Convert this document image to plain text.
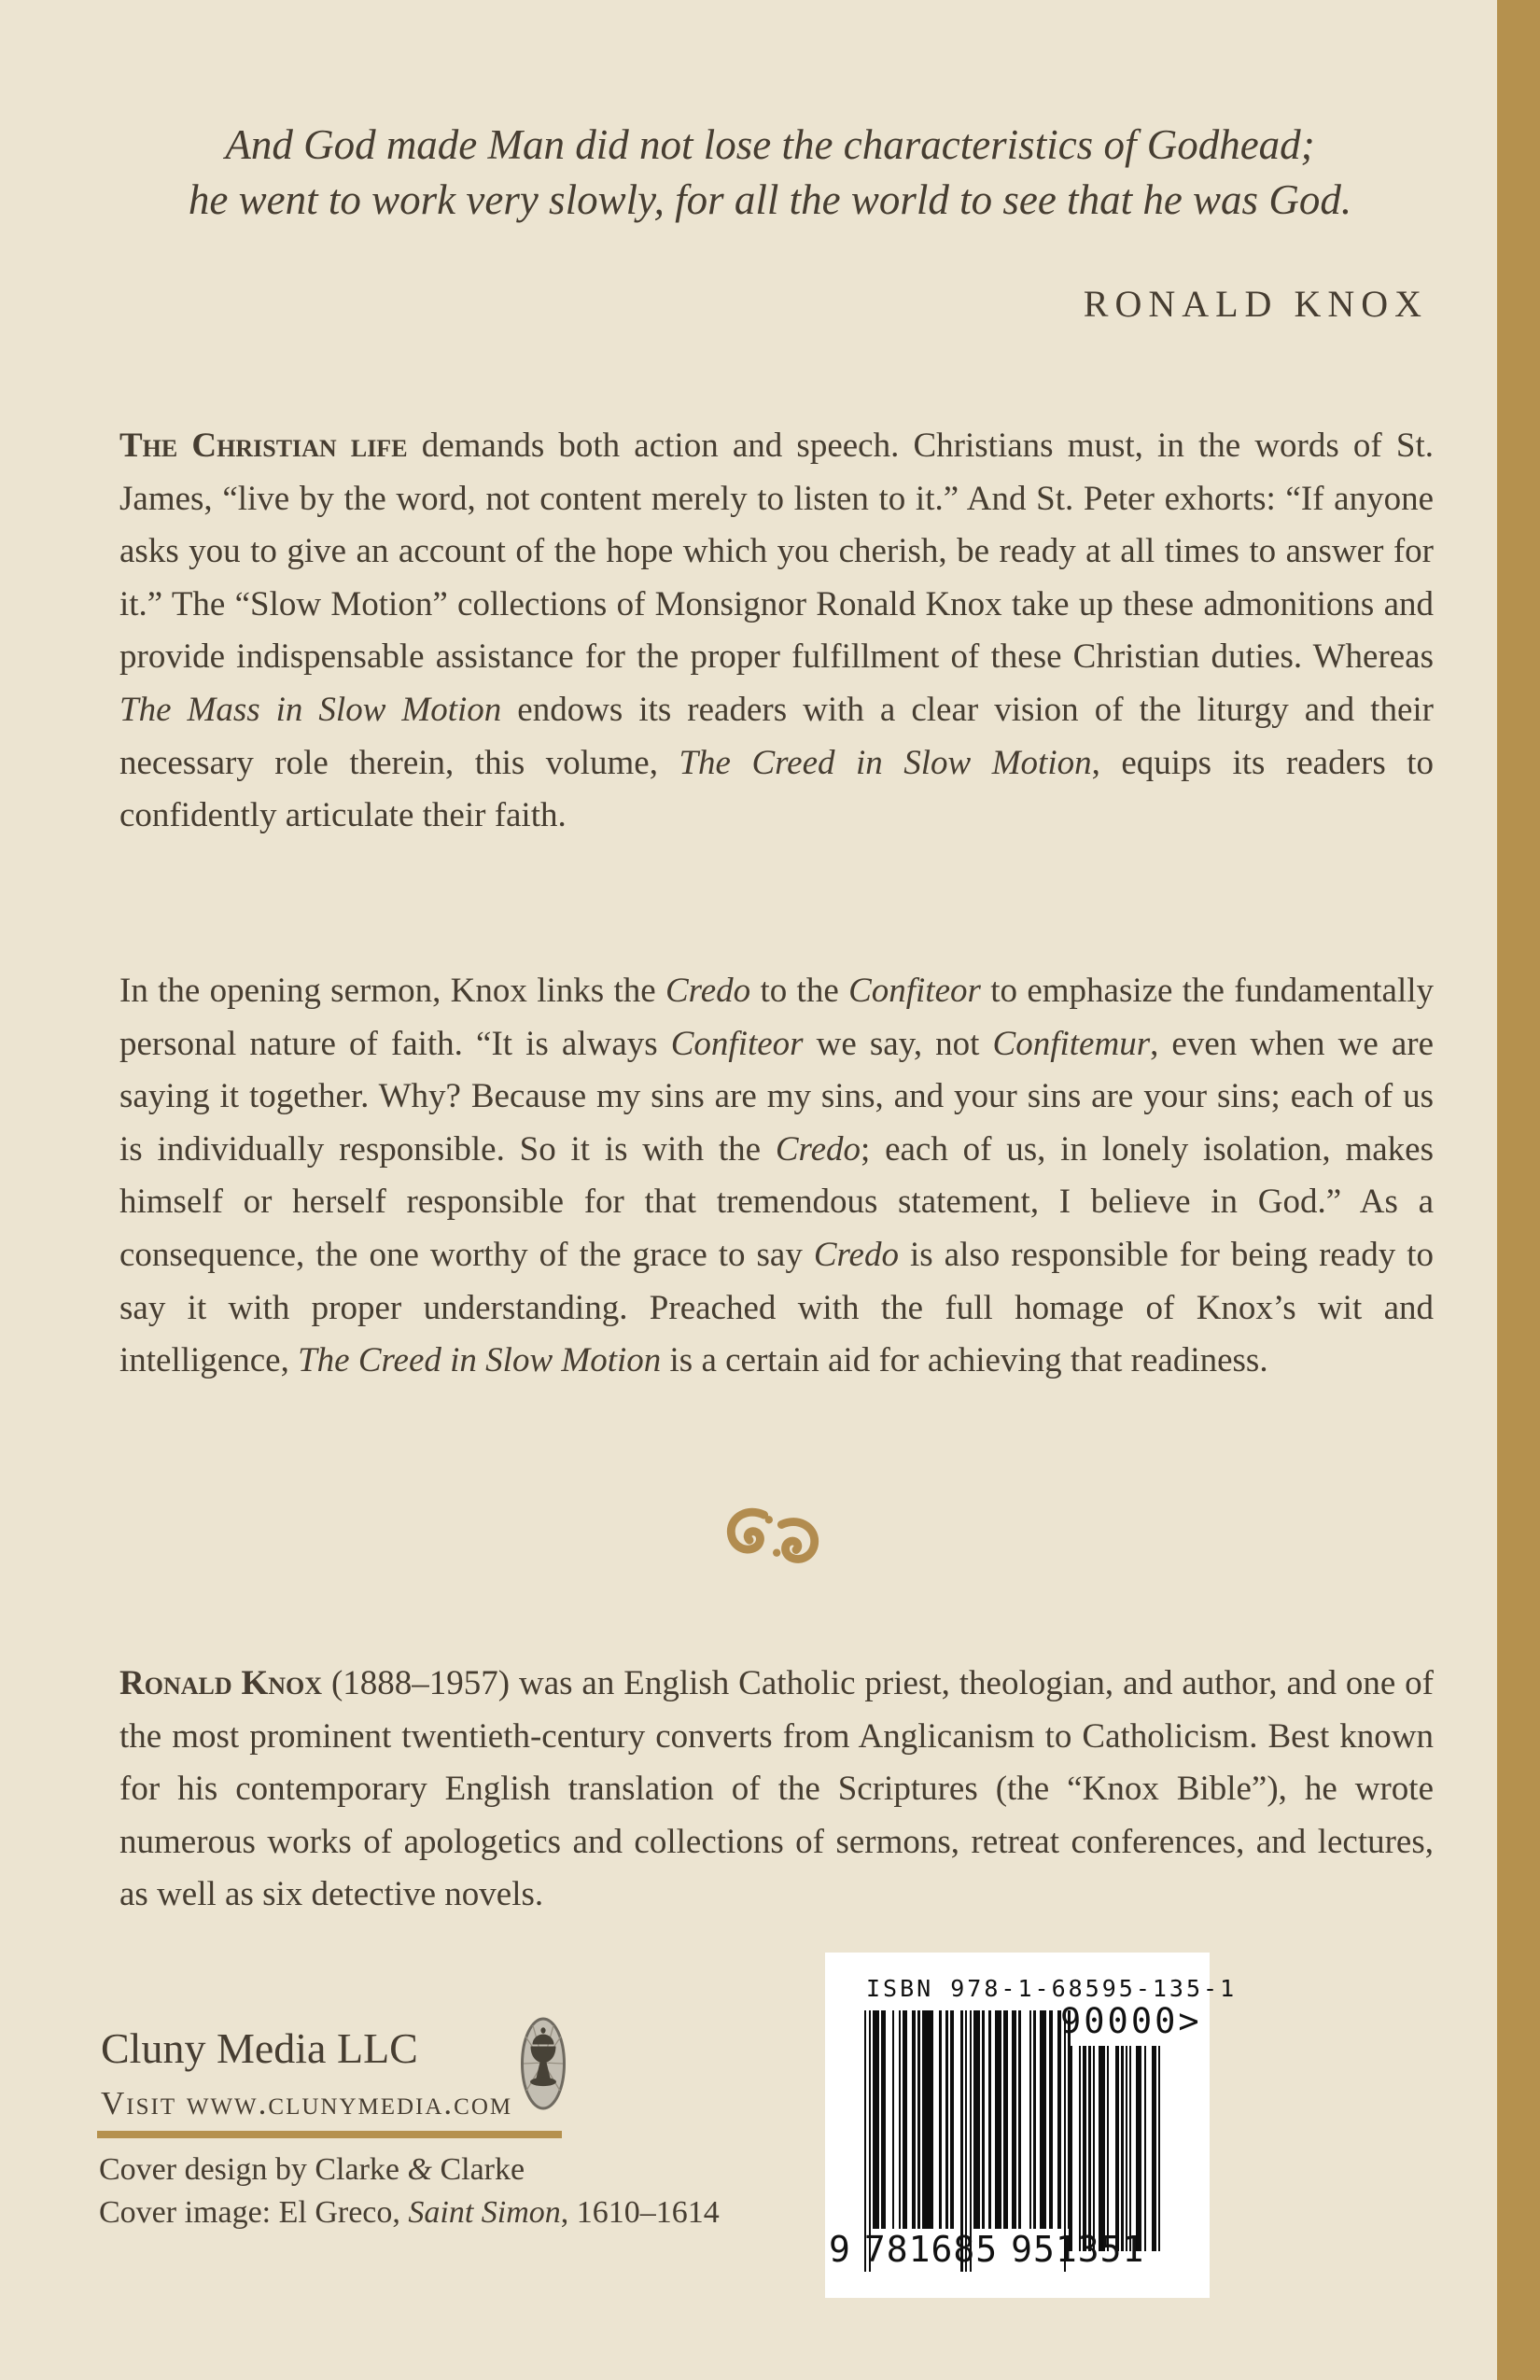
And God made Man did not lose the characteristics of Godhead;
he went to work very slowly, for all the world to see that he was God.
RONALD KNOX

The Christian life demands both action and speech. Christians must, in the words of St. James, “live by the word, not content merely to listen to it.” And St. Peter exhorts: “If anyone asks you to give an account of the hope which you cherish, be ready at all times to answer for it.” The “Slow Motion” collections of Monsignor Ronald Knox take up these admonitions and provide indispensable assistance for the proper fulfillment of these Christian duties. Whereas The Mass in Slow Motion endows its readers with a clear vision of the liturgy and their necessary role therein, this volume, The Creed in Slow Motion, equips its readers to confidently articulate their faith.

In the opening sermon, Knox links the Credo to the Confiteor to emphasize the fundamentally personal nature of faith. “It is always Confiteor we say, not Confitemur, even when we are saying it together. Why? Because my sins are my sins, and your sins are your sins; each of us is individually responsible. So it is with the Credo; each of us, in lonely isolation, makes himself or herself responsible for that tremendous statement, I believe in God.” As a consequence, the one worthy of the grace to say Credo is also responsible for being ready to say it with proper understanding. Preached with the full homage of Knox’s wit and intelligence, The Creed in Slow Motion is a certain aid for achieving that readiness.

Ronald Knox (1888–1957) was an English Catholic priest, theologian, and author, and one of the most prominent twentieth-century converts from Anglicanism to Catholicism. Best known for his contemporary English translation of the Scriptures (the “Knox Bible”), he wrote numerous works of apologetics and collections of sermons, retreat conferences, and lectures, as well as six detective novels.

Cluny Media LLC
Visit www.clunymedia.com
Cover design by Clarke & Clarke
Cover image: El Greco, Saint Simon, 1610–1614
ISBN 978-1-68595-135-1
90000>
9 781685 951351
